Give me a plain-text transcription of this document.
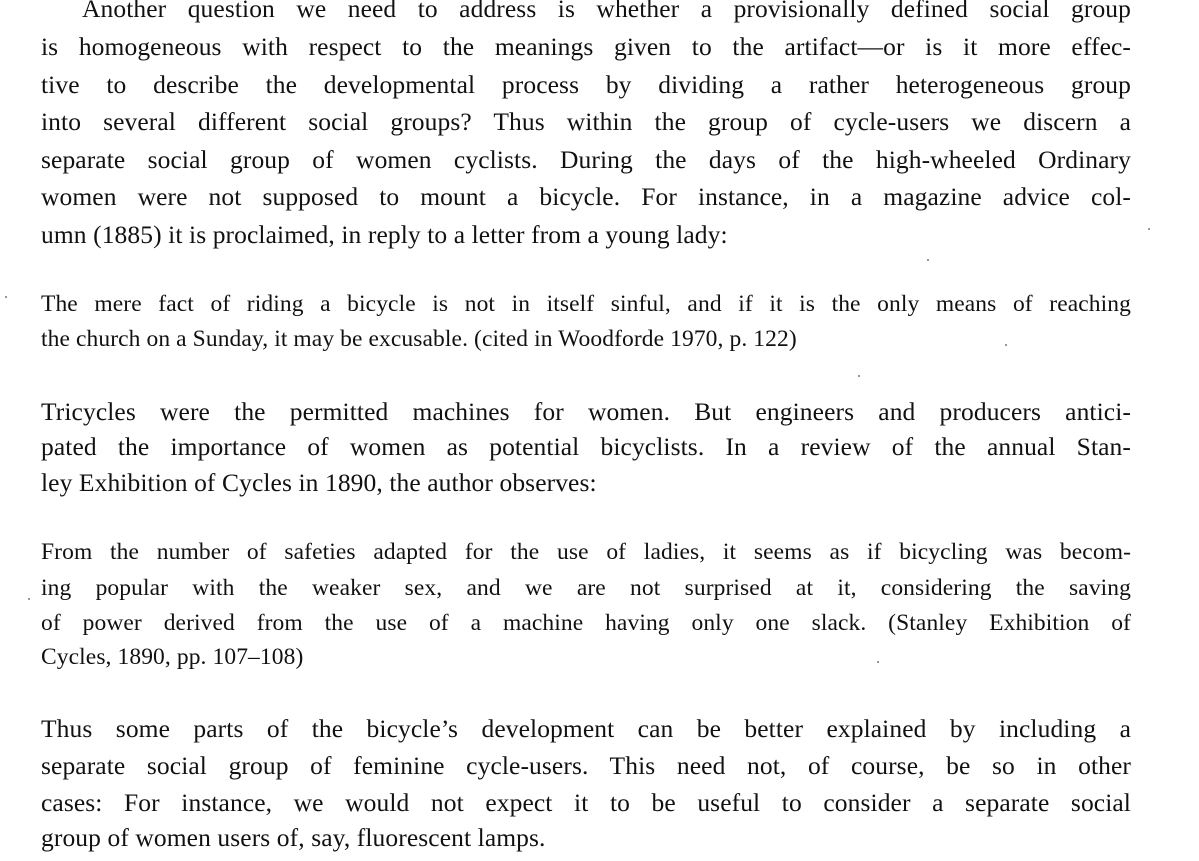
Another question we need to address is whether a provisionally defined social group
is homogeneous with respect to the meanings given to the artifact—or is it more effec-
tive to describe the developmental process by dividing a rather heterogeneous group
into several different social groups? Thus within the group of cycle-users we discern a
separate social group of women cyclists. During the days of the high-wheeled Ordinary
women were not supposed to mount a bicycle. For instance, in a magazine advice col-
umn (1885) it is proclaimed, in reply to a letter from a young lady:
The mere fact of riding a bicycle is not in itself sinful, and if it is the only means of reaching
the church on a Sunday, it may be excusable. (cited in Woodforde 1970, p. 122)
Tricycles were the permitted machines for women. But engineers and producers antici-
pated the importance of women as potential bicyclists. In a review of the annual Stan-
ley Exhibition of Cycles in 1890, the author observes:
From the number of safeties adapted for the use of ladies, it seems as if bicycling was becom-
ing popular with the weaker sex, and we are not surprised at it, considering the saving
of power derived from the use of a machine having only one slack. (Stanley Exhibition of
Cycles, 1890, pp. 107–108)
Thus some parts of the bicycle’s development can be better explained by including a
separate social group of feminine cycle-users. This need not, of course, be so in other
cases: For instance, we would not expect it to be useful to consider a separate social
group of women users of, say, fluorescent lamps.
